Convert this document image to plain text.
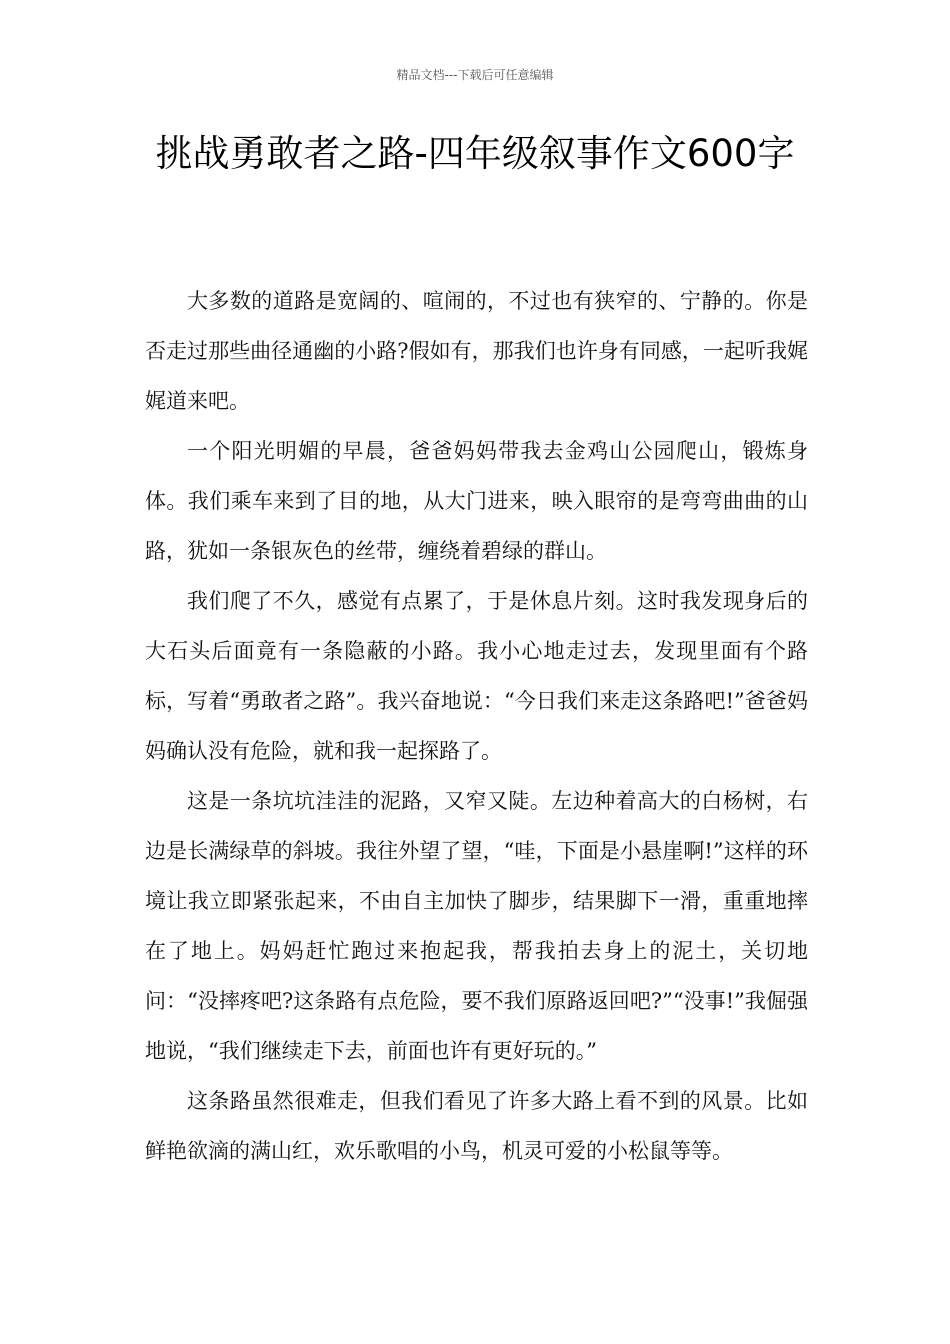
精品文档---下载后可任意编辑
挑战勇敢者之路-四年级叙事作文600字

大多数的道路是宽阔的、喧闹的，不过也有狭窄的、宁静的。你是否走过那些曲径通幽的小路?假如有，那我们也许身有同感，一起听我娓娓道来吧。

一个阳光明媚的早晨，爸爸妈妈带我去金鸡山公园爬山，锻炼身体。我们乘车来到了目的地，从大门进来，映入眼帘的是弯弯曲曲的山路，犹如一条银灰色的丝带，缠绕着碧绿的群山。

我们爬了不久，感觉有点累了，于是休息片刻。这时我发现身后的大石头后面竟有一条隐蔽的小路。我小心地走过去，发现里面有个路标，写着“勇敢者之路”。我兴奋地说：“今日我们来走这条路吧!”爸爸妈妈确认没有危险，就和我一起探路了。

这是一条坑坑洼洼的泥路，又窄又陡。左边种着高大的白杨树，右边是长满绿草的斜坡。我往外望了望，“哇，下面是小悬崖啊!”这样的环境让我立即紧张起来，不由自主加快了脚步，结果脚下一滑，重重地摔在了地上。妈妈赶忙跑过来抱起我，帮我拍去身上的泥土，关切地问：“没摔疼吧?这条路有点危险，要不我们原路返回吧?”“没事!”我倔强地说，“我们继续走下去，前面也许有更好玩的。”

这条路虽然很难走，但我们看见了许多大路上看不到的风景。比如鲜艳欲滴的满山红，欢乐歌唱的小鸟，机灵可爱的小松鼠等等。
